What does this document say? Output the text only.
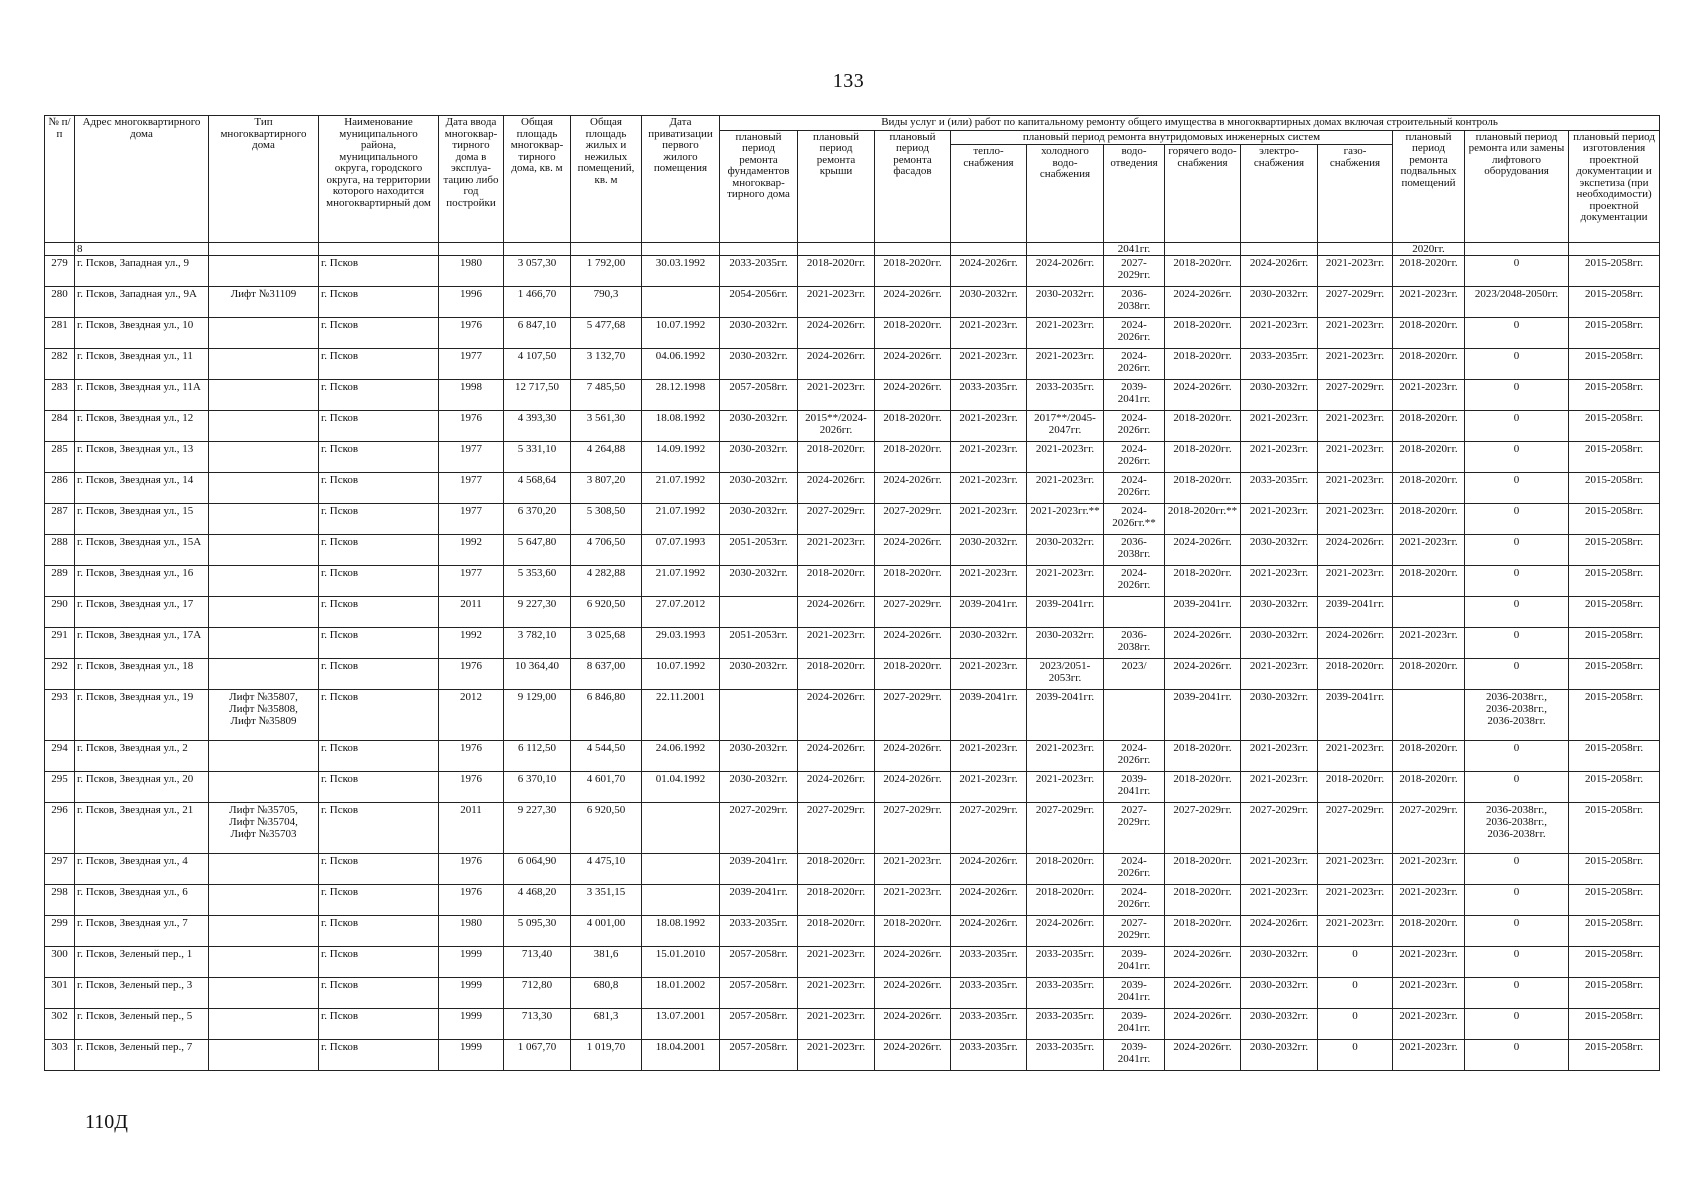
133
№ п/п	Адрес многоквартирного дома	Тип многоквартирного дома	Наименование муниципального района, муниципального округа, городского округа, на территории которого находится многоквартирный дом	Дата ввода многоквар-тирного дома в эксплуа-тацию либо год постройки	Общая площадь многоквар-тирного дома, кв. м	Общая площадь жилых и нежилых помещений, кв. м	Дата приватизации первого жилого помещения	Виды услуг и (или) работ по капитальному ремонту общего имущества в многоквартирных домах включая строительный контроль											
								плановый период ремонта фундаментов многоквар-тирного дома	плановый период ремонта крыши	плановый период ремонта фасадов	плановый период ремонта внутридомовых инженерных систем						плановый период ремонта подвальных помещений	плановый период ремонта или замены лифтового оборудования	плановый период изготовления проектной документации и экспетиза (при необходимости) проектной документации
											тепло-снабжения	холодного водо-снабжения	водо-отведения	горячего водо-снабжения	электро-снабжения	газо-снабжения			
	8												2041гг.				2020гг.		
279	г. Псков, Западная ул., 9		г. Псков	1980	3 057,30	1 792,00	30.03.1992	2033-2035гг.	2018-2020гг.	2018-2020гг.	2024-2026гг.	2024-2026гг.	2027-2029гг.	2018-2020гг.	2024-2026гг.	2021-2023гг.	2018-2020гг.	0	2015-2058гг.
280	г. Псков, Западная ул., 9А	Лифт №31109	г. Псков	1996	1 466,70	790,3		2054-2056гг.	2021-2023гг.	2024-2026гг.	2030-2032гг.	2030-2032гг.	2036-2038гг.	2024-2026гг.	2030-2032гг.	2027-2029гг.	2021-2023гг.	2023/2048-2050гг.	2015-2058гг.
281	г. Псков, Звездная ул., 10		г. Псков	1976	6 847,10	5 477,68	10.07.1992	2030-2032гг.	2024-2026гг.	2018-2020гг.	2021-2023гг.	2021-2023гг.	2024-2026гг.	2018-2020гг.	2021-2023гг.	2021-2023гг.	2018-2020гг.	0	2015-2058гг.
282	г. Псков, Звездная ул., 11		г. Псков	1977	4 107,50	3 132,70	04.06.1992	2030-2032гг.	2024-2026гг.	2024-2026гг.	2021-2023гг.	2021-2023гг.	2024-2026гг.	2018-2020гг.	2033-2035гг.	2021-2023гг.	2018-2020гг.	0	2015-2058гг.
283	г. Псков, Звездная ул., 11А		г. Псков	1998	12 717,50	7 485,50	28.12.1998	2057-2058гг.	2021-2023гг.	2024-2026гг.	2033-2035гг.	2033-2035гг.	2039-2041гг.	2024-2026гг.	2030-2032гг.	2027-2029гг.	2021-2023гг.	0	2015-2058гг.
284	г. Псков, Звездная ул., 12		г. Псков	1976	4 393,30	3 561,30	18.08.1992	2030-2032гг.	2015**/2024-2026гг.	2018-2020гг.	2021-2023гг.	2017**/2045-2047гг.	2024-2026гг.	2018-2020гг.	2021-2023гг.	2021-2023гг.	2018-2020гг.	0	2015-2058гг.
285	г. Псков, Звездная ул., 13		г. Псков	1977	5 331,10	4 264,88	14.09.1992	2030-2032гг.	2018-2020гг.	2018-2020гг.	2021-2023гг.	2021-2023гг.	2024-2026гг.	2018-2020гг.	2021-2023гг.	2021-2023гг.	2018-2020гг.	0	2015-2058гг.
286	г. Псков, Звездная ул., 14		г. Псков	1977	4 568,64	3 807,20	21.07.1992	2030-2032гг.	2024-2026гг.	2024-2026гг.	2021-2023гг.	2021-2023гг.	2024-2026гг.	2018-2020гг.	2033-2035гг.	2021-2023гг.	2018-2020гг.	0	2015-2058гг.
287	г. Псков, Звездная ул., 15		г. Псков	1977	6 370,20	5 308,50	21.07.1992	2030-2032гг.	2027-2029гг.	2027-2029гг.	2021-2023гг.	2021-2023гг.**	2024-2026гг.**	2018-2020гг.**	2021-2023гг.	2021-2023гг.	2018-2020гг.	0	2015-2058гг.
288	г. Псков, Звездная ул., 15А		г. Псков	1992	5 647,80	4 706,50	07.07.1993	2051-2053гг.	2021-2023гг.	2024-2026гг.	2030-2032гг.	2030-2032гг.	2036-2038гг.	2024-2026гг.	2030-2032гг.	2024-2026гг.	2021-2023гг.	0	2015-2058гг.
289	г. Псков, Звездная ул., 16		г. Псков	1977	5 353,60	4 282,88	21.07.1992	2030-2032гг.	2018-2020гг.	2018-2020гг.	2021-2023гг.	2021-2023гг.	2024-2026гг.	2018-2020гг.	2021-2023гг.	2021-2023гг.	2018-2020гг.	0	2015-2058гг.
290	г. Псков, Звездная ул., 17		г. Псков	2011	9 227,30	6 920,50	27.07.2012		2024-2026гг.	2027-2029гг.	2039-2041гг.	2039-2041гг.		2039-2041гг.	2030-2032гг.	2039-2041гг.		0	2015-2058гг.
291	г. Псков, Звездная ул., 17А		г. Псков	1992	3 782,10	3 025,68	29.03.1993	2051-2053гг.	2021-2023гг.	2024-2026гг.	2030-2032гг.	2030-2032гг.	2036-2038гг.	2024-2026гг.	2030-2032гг.	2024-2026гг.	2021-2023гг.	0	2015-2058гг.
292	г. Псков, Звездная ул., 18		г. Псков	1976	10 364,40	8 637,00	10.07.1992	2030-2032гг.	2018-2020гг.	2018-2020гг.	2021-2023гг.	2023/2051-2053гг.	2023/	2024-2026гг.	2021-2023гг.	2018-2020гг.	2018-2020гг.	0	2015-2058гг.
293	г. Псков, Звездная ул., 19	Лифт №35807,
Лифт №35808,
Лифт №35809	г. Псков	2012	9 129,00	6 846,80	22.11.2001		2024-2026гг.	2027-2029гг.	2039-2041гг.	2039-2041гг.		2039-2041гг.	2030-2032гг.	2039-2041гг.		2036-2038гг.,
2036-2038гг.,
2036-2038гг.	2015-2058гг.
294	г. Псков, Звездная ул., 2		г. Псков	1976	6 112,50	4 544,50	24.06.1992	2030-2032гг.	2024-2026гг.	2024-2026гг.	2021-2023гг.	2021-2023гг.	2024-2026гг.	2018-2020гг.	2021-2023гг.	2021-2023гг.	2018-2020гг.	0	2015-2058гг.
295	г. Псков, Звездная ул., 20		г. Псков	1976	6 370,10	4 601,70	01.04.1992	2030-2032гг.	2024-2026гг.	2024-2026гг.	2021-2023гг.	2021-2023гг.	2039-2041гг.	2018-2020гг.	2021-2023гг.	2018-2020гг.	2018-2020гг.	0	2015-2058гг.
296	г. Псков, Звездная ул., 21	Лифт №35705,
Лифт №35704,
Лифт №35703	г. Псков	2011	9 227,30	6 920,50		2027-2029гг.	2027-2029гг.	2027-2029гг.	2027-2029гг.	2027-2029гг.	2027-2029гг.	2027-2029гг.	2027-2029гг.	2027-2029гг.	2027-2029гг.	2036-2038гг.,
2036-2038гг.,
2036-2038гг.	2015-2058гг.
297	г. Псков, Звездная ул., 4		г. Псков	1976	6 064,90	4 475,10		2039-2041гг.	2018-2020гг.	2021-2023гг.	2024-2026гг.	2018-2020гг.	2024-2026гг.	2018-2020гг.	2021-2023гг.	2021-2023гг.	2021-2023гг.	0	2015-2058гг.
298	г. Псков, Звездная ул., 6		г. Псков	1976	4 468,20	3 351,15		2039-2041гг.	2018-2020гг.	2021-2023гг.	2024-2026гг.	2018-2020гг.	2024-2026гг.	2018-2020гг.	2021-2023гг.	2021-2023гг.	2021-2023гг.	0	2015-2058гг.
299	г. Псков, Звездная ул., 7		г. Псков	1980	5 095,30	4 001,00	18.08.1992	2033-2035гг.	2018-2020гг.	2018-2020гг.	2024-2026гг.	2024-2026гг.	2027-2029гг.	2018-2020гг.	2024-2026гг.	2021-2023гг.	2018-2020гг.	0	2015-2058гг.
300	г. Псков, Зеленый пер., 1		г. Псков	1999	713,40	381,6	15.01.2010	2057-2058гг.	2021-2023гг.	2024-2026гг.	2033-2035гг.	2033-2035гг.	2039-2041гг.	2024-2026гг.	2030-2032гг.	0	2021-2023гг.	0	2015-2058гг.
301	г. Псков, Зеленый пер., 3		г. Псков	1999	712,80	680,8	18.01.2002	2057-2058гг.	2021-2023гг.	2024-2026гг.	2033-2035гг.	2033-2035гг.	2039-2041гг.	2024-2026гг.	2030-2032гг.	0	2021-2023гг.	0	2015-2058гг.
302	г. Псков, Зеленый пер., 5		г. Псков	1999	713,30	681,3	13.07.2001	2057-2058гг.	2021-2023гг.	2024-2026гг.	2033-2035гг.	2033-2035гг.	2039-2041гг.	2024-2026гг.	2030-2032гг.	0	2021-2023гг.	0	2015-2058гг.
303	г. Псков, Зеленый пер., 7		г. Псков	1999	1 067,70	1 019,70	18.04.2001	2057-2058гг.	2021-2023гг.	2024-2026гг.	2033-2035гг.	2033-2035гг.	2039-2041гг.	2024-2026гг.	2030-2032гг.	0	2021-2023гг.	0	2015-2058гг.
110Д
